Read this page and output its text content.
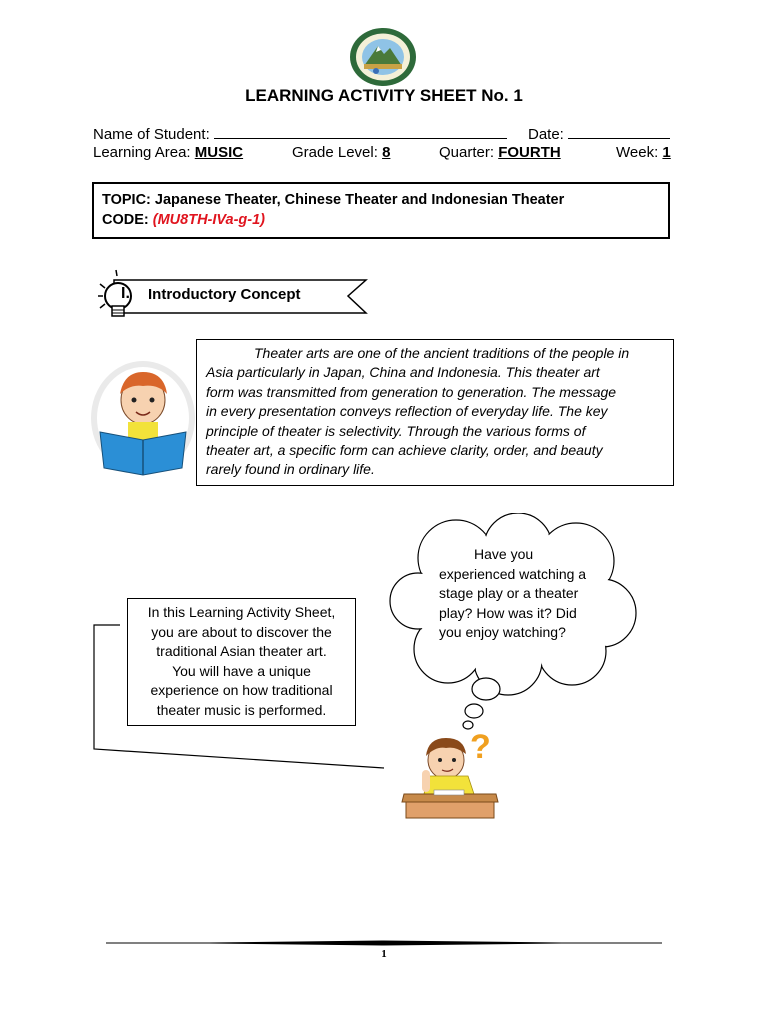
LEARNING ACTIVITY SHEET No. 1
Name of Student:	Date:
Learning Area: MUSIC	Grade Level: 8	Quarter: FOURTH	Week: 1
TOPIC: Japanese Theater, Chinese Theater and Indonesian Theater
CODE: (MU8TH-IVa-g-1)
I. Introductory Concept
Theater arts are one of the ancient traditions of the people in
Asia particularly in Japan, China and Indonesia. This theater art
form was transmitted from generation to generation. The message
in every presentation conveys reflection of everyday life. The key
principle of theater is selectivity. Through the various forms of
theater art, a specific form can achieve clarity, order, and beauty
rarely found in ordinary life.
Have you
experienced watching a
stage play or a theater
play? How was it? Did
you enjoy watching?
In this Learning Activity Sheet,
you are about to discover the
traditional Asian theater art.
You will have a unique
experience on how traditional
theater music is performed.
?
1
